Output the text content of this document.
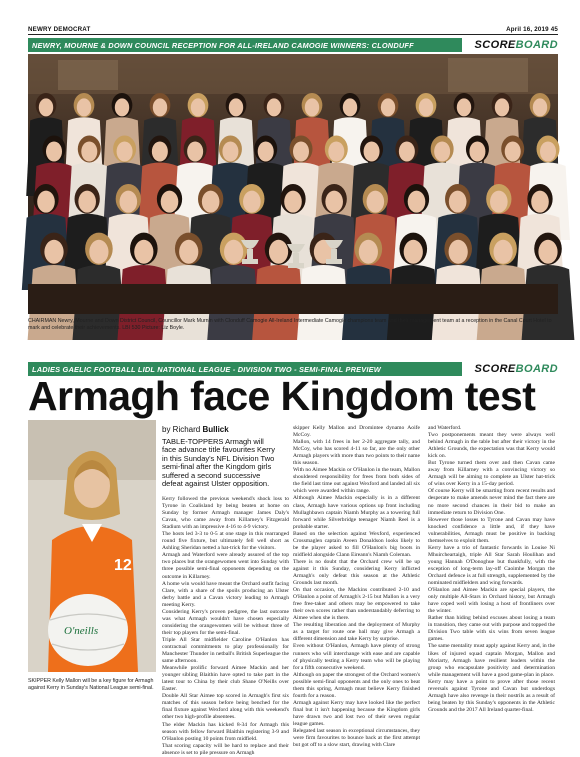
NEWRY DEMOCRAT	April 16, 2019 45
NEWRY, MOURNE & DOWN COUNCIL RECEPTION FOR ALL-IRELAND CAMOGIE WINNERS: CLONDUFF	SCORE BOARD
CHAIRMAN Newry, Mourne and Down District Council, Councillor Mark Murnin with Clonduff Camogie All-Ireland Intermediate Camogie champions team and their management team at a reception in the Canal Court Hotel to mark and celebrate their achievements. LBI 530 Picture: Liz Boyle.
LADIES GAELIC FOOTBALL LIDL NATIONAL LEAGUE - DIVISION TWO - SEMI-FINAL PREVIEW	SCORE BOARD
Armagh face Kingdom test
12
O'neills
SKIPPER Kelly Mallon will be a key figure for Armagh against Kerry in Sunday's National League semi-final.
by Richard Bullick
TABLE-TOPPERS Armagh will face advance title favourites Kerry in this Sunday's NFL Division Two semi-final after the Kingdom girls suffered a second successive defeat against Ulster opposition.

Kerry followed the previous weekend's shock loss to Tyrone in Coalisland by being beaten at home on Sunday by former Armagh manager James Daly's Cavan, who came away from Killarney's Fitzgerald Stadium with an impressive 4-16 to 4-9 victory.

The hosts led 3-3 to 0-5 at one stage in this rearranged round five fixture, but ultimately fell well short as Ashling Sheridan netted a hat-trick for the visitors.

Armagh and Waterford were already assured of the top two places but the orangewomen went into Sunday with three possible semi-final opponents depending on the outcome in Killarney.

A home win would have meant the Orchard outfit facing Clare, with a share of the spoils producing an Ulster derby battle and a Cavan victory leading to Armagh meeting Kerry.

Considering Kerry's proven pedigree, the last outcome was what Armagh wouldn't have chosen especially considering the orangewomen will be without three of their top players for the semi-final.

Triple All Star midfielder Caroline O'Hanlon has contractual commitments to play professionally for Manchester Thunder in netball's British Superleague the same afternoon.

Meanwhile prolific forward Aimee Mackin and her younger sibling Blaithin have opted to take part in the latest tour to China by their club Shane O'Neills over Easter.

Double All Star Aimee top scored in Armagh's first six matches of this season before being benched for the final fixture against Wexford along with this weekend's other two high-profile absentees.

The elder Mackin has kicked 8-34 for Armagh this season with fellow forward Blaithin registering 3-9 and O'Hanlon posting 10 points from midfield.

That scoring capacity will be hard to replace and their absence is set to pile pressure on Armagh

skipper Kelly Mallon and Dromintee dynamo Aoife McCoy.

Mallon, with 14 frees in her 2-20 aggregate tally, and McCoy, who has scored 4-11 so far, are the only other Armagh players with more than two points to their name this season.

With no Aimee Mackin or O'Hanlon in the team, Mallon shouldered responsibility for frees from both sides of the field last time out against Wexford and landed all six which were awarded within range.

Although Aimee Mackin especially is in a different class, Armagh have various options up front including Mullaghbawn captain Niamh Murphy as a towering full forward while Silverbridge teenager Niamh Reel is a probable starter.

Based on the selection against Wexford, experienced Crossmaglen captain Aveen Donaldson looks likely to be the player asked to fill O'Hanlon's big boots in midfield alongside Clann Eireann's Niamh Coleman.

There is no doubt that the Orchard crew will be up against it this Sunday, considering Kerry inflicted Armagh's only defeat this season at the Athletic Grounds last month.

On that occasion, the Mackins contributed 2-10 and O'Hanlon a point of Armagh's 2-15 but Mallon is a very free free-taker and others may be empowered to take their own scores rather than understandably deferring to Aimee when she is there.

The resulting liberation and the deployment of Murphy as a target for route one ball may give Armagh a different dimension and take Kerry by surprise.

Even without O'Hanlon, Armagh have plenty of strong runners who will interchange with ease and are capable of physically testing a Kerry team who will be playing for a fifth consecutive weekend.

Although on paper the strongest of the Orchard women's possible semi-final opponents and the only ones to beat them this spring, Armagh must believe Kerry finished fourth for a reason.

Armagh against Kerry may have looked like the perfect final but it isn't happening because the Kingdom girls have drawn two and lost two of their seven regular league games.

Relegated last season in exceptional circumstances, they were firm favourites to bounce back at the first attempt but got off to a slow start, drawing with Clare

and Waterford.

Two postponements meant they were always well behind Armagh in the table but after their victory in the Athletic Grounds, the expectation was that Kerry would kick on.

But Tyrone turned them over and then Cavan came away from Killarney with a convincing victory so Armagh will be aiming to complete an Ulster hat-trick of wins over Kerry in a 15-day period.

Of course Kerry will be smarting from recent results and desperate to make amends never mind the fact there are no more second chances in their bid to make an immediate return to Division One.

However those losses to Tyrone and Cavan may have knocked confidence a little and, if they have vulnerabilities, Armagh must be positive in backing themselves to exploit them.

Kerry have a trio of fantastic forwards in Louise Ni Mhuircheartaigh, triple All Star Sarah Houlihan and young Hannah O'Donoghue but thankfully, with the exception of long-term lay-off Caoimhe Morgan the Orchard defence is at full strength, supplemented by the nominated midfielders and wing forwards.

O'Hanlon and Aimee Mackin are special players, the only multiple All-Stars in Orchard history, but Armagh have coped well with losing a host of frontliners over the winter.

Rather than hiding behind excuses about losing a team in transition, they came out with purpose and topped the Division Two table with six wins from seven league games.

The same mentality must apply against Kerry and, in the likes of injured squad captain Morgan, Mallon and Moriarty, Armagh have resilient leaders within the group who encapsulate positivity and determination while management will have a good game-plan in place.

Kerry may have a point to prove after those recent reversals against Tyrone and Cavan but underdogs Armagh have also revenge in their nostrils as a result of being beaten by this Sunday's opponents in the Athletic Grounds and the 2017 All Ireland quarter-final.
